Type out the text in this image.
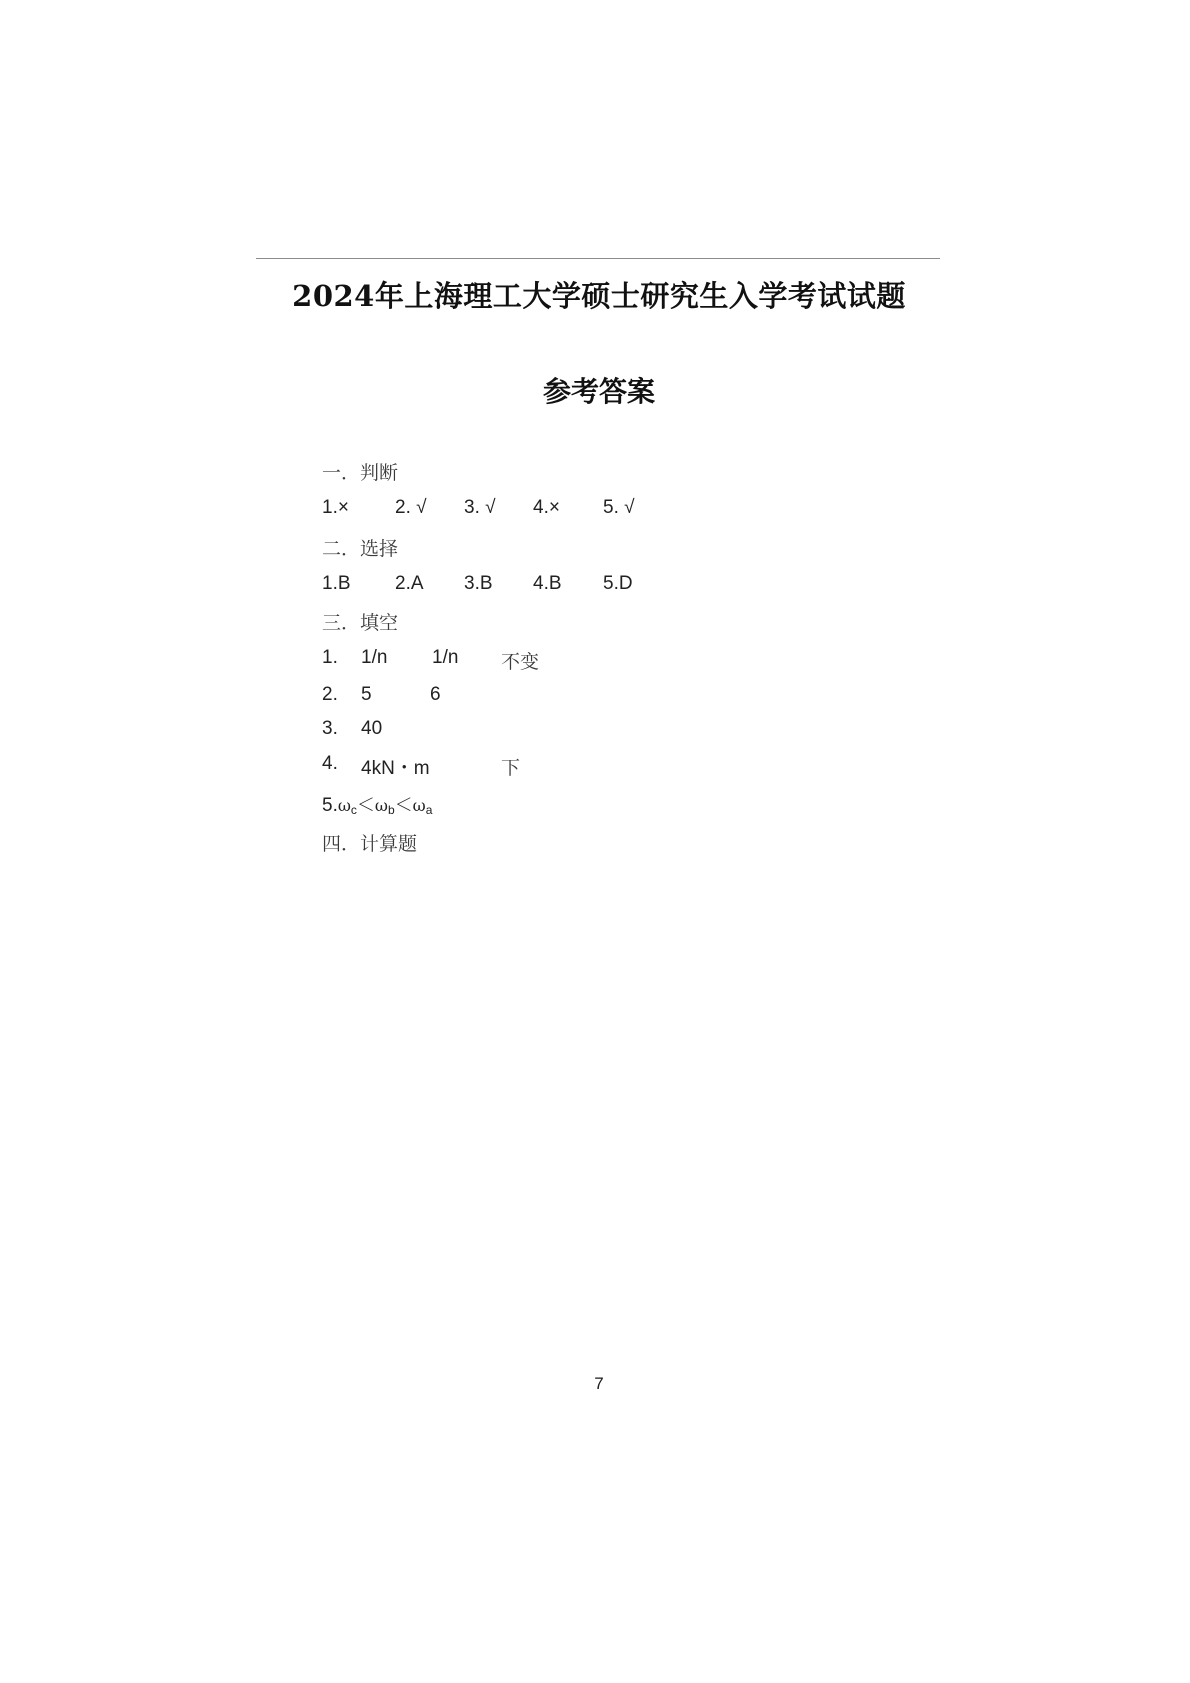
2024年上海理工大学硕士研究生入学考试试题
参考答案
一．判断
1.× 2. √ 3. √ 4.× 5. √
二．选择
1.B 2.A 3.B 4.B 5.D
三．填空
1. 1/n 1/n 不变
2. 5	6
3. 40
4. 4kN・m	下
$5.\omega_c<\omega_b<\omega_a$
四．计算题
7
